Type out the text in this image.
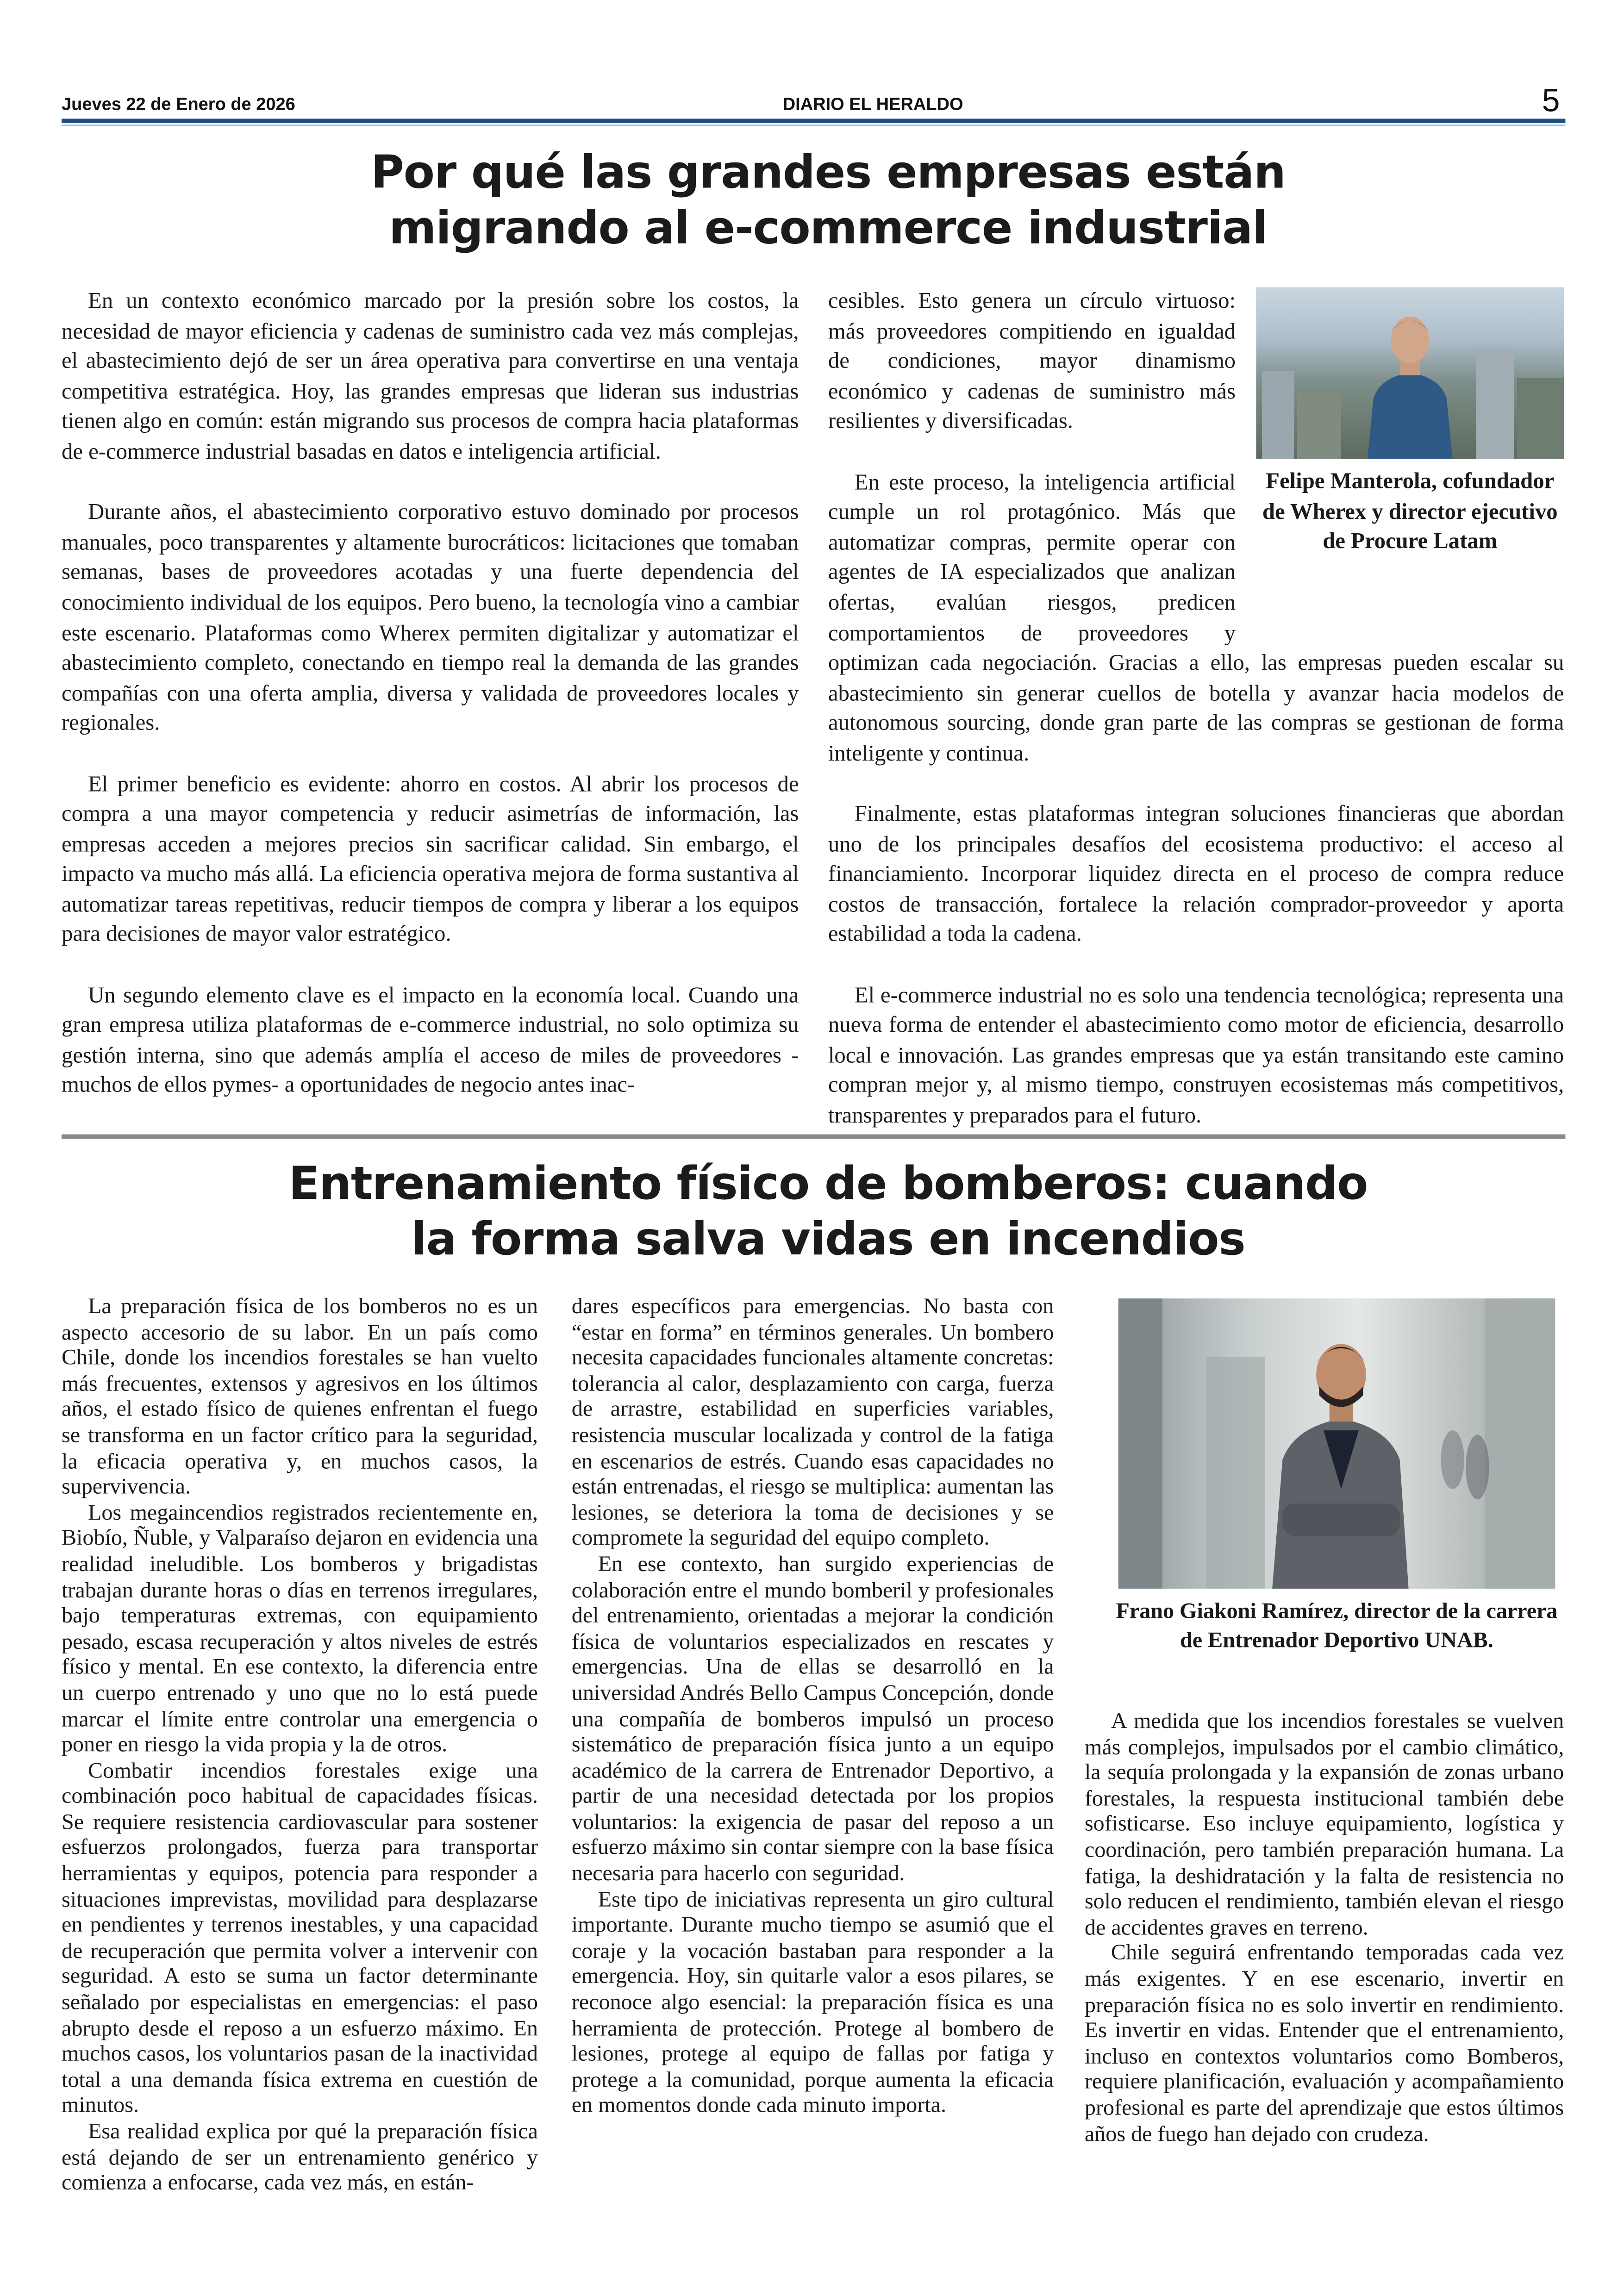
Jueves 22 de Enero de 2026	DIARIO EL HERALDO	5
Por qué las grandes empresas están
migrando al e-commerce industrial

En un contexto económico marcado por la presión sobre los costos, la necesidad de mayor eficiencia y cadenas de suministro cada vez más complejas, el abastecimiento dejó de ser un área operativa para convertirse en una ventaja competitiva estratégica. Hoy, las grandes empresas que lideran sus industrias tienen algo en común: están migrando sus procesos de compra hacia plataformas de e-commerce industrial basadas en datos e inteligencia artificial.

Durante años, el abastecimiento corporativo estuvo dominado por procesos manuales, poco transparentes y altamente burocráticos: licitaciones que tomaban semanas, bases de proveedores acotadas y una fuerte dependencia del conocimiento individual de los equipos. Pero bueno, la tecnología vino a cambiar este escenario. Plataformas como Wherex permiten digitalizar y automatizar el abastecimiento completo, conectando en tiempo real la demanda de las grandes compañías con una oferta amplia, diversa y validada de proveedores locales y regionales.

El primer beneficio es evidente: ahorro en costos. Al abrir los procesos de compra a una mayor competencia y reducir asimetrías de información, las empresas acceden a mejores precios sin sacrificar calidad. Sin embargo, el impacto va mucho más allá. La eficiencia operativa mejora de forma sustantiva al automatizar tareas repetitivas, reducir tiempos de compra y liberar a los equipos para decisiones de mayor valor estratégico.

Un segundo elemento clave es el impacto en la economía local. Cuando una gran empresa utiliza plataformas de e-commerce industrial, no solo optimiza su gestión interna, sino que además amplía el acceso de miles de proveedores -muchos de ellos pymes- a oportunidades de negocio antes inac-

Felipe Manterola, cofundador de Wherex y director ejecutivo de Procure Latam

cesibles. Esto genera un círculo virtuoso: más proveedores compitiendo en igualdad de condiciones, mayor dinamismo económico y cadenas de suministro más resilientes y diversificadas.

En este proceso, la inteligencia artificial cumple un rol protagónico. Más que automatizar compras, permite operar con agentes de IA especializados que analizan ofertas, evalúan riesgos, predicen comportamientos de proveedores y optimizan cada negociación. Gracias a ello, las empresas pueden escalar su abastecimiento sin generar cuellos de botella y avanzar hacia modelos de autonomous sourcing, donde gran parte de las compras se gestionan de forma inteligente y continua.

Finalmente, estas plataformas integran soluciones financieras que abordan uno de los principales desafíos del ecosistema productivo: el acceso al financiamiento. Incorporar liquidez directa en el proceso de compra reduce costos de transacción, fortalece la relación comprador-proveedor y aporta estabilidad a toda la cadena.

El e-commerce industrial no es solo una tendencia tecnológica; representa una nueva forma de entender el abastecimiento como motor de eficiencia, desarrollo local e innovación. Las grandes empresas que ya están transitando este camino compran mejor y, al mismo tiempo, construyen ecosistemas más competitivos, transparentes y preparados para el futuro.

Entrenamiento físico de bomberos: cuando
la forma salva vidas en incendios

La preparación física de los bomberos no es un aspecto accesorio de su labor. En un país como Chile, donde los incendios forestales se han vuelto más frecuentes, extensos y agresivos en los últimos años, el estado físico de quienes enfrentan el fuego se transforma en un factor crítico para la seguridad, la eficacia operativa y, en muchos casos, la supervivencia.

Los megaincendios registrados recientemente en, Biobío, Ñuble, y Valparaíso dejaron en evidencia una realidad ineludible. Los bomberos y brigadistas trabajan durante horas o días en terrenos irregulares, bajo temperaturas extremas, con equipamiento pesado, escasa recuperación y altos niveles de estrés físico y mental. En ese contexto, la diferencia entre un cuerpo entrenado y uno que no lo está puede marcar el límite entre controlar una emergencia o poner en riesgo la vida propia y la de otros.

Combatir incendios forestales exige una combinación poco habitual de capacidades físicas. Se requiere resistencia cardiovascular para sostener esfuerzos prolongados, fuerza para transportar herramientas y equipos, potencia para responder a situaciones imprevistas, movilidad para desplazarse en pendientes y terrenos inestables, y una capacidad de recuperación que permita volver a intervenir con seguridad. A esto se suma un factor determinante señalado por especialistas en emergencias: el paso abrupto desde el reposo a un esfuerzo máximo. En muchos casos, los voluntarios pasan de la inactividad total a una demanda física extrema en cuestión de minutos.

Esa realidad explica por qué la preparación física está dejando de ser un entrenamiento genérico y comienza a enfocarse, cada vez más, en están-

dares específicos para emergencias. No basta con “estar en forma” en términos generales. Un bombero necesita capacidades funcionales altamente concretas: tolerancia al calor, desplazamiento con carga, fuerza de arrastre, estabilidad en superficies variables, resistencia muscular localizada y control de la fatiga en escenarios de estrés. Cuando esas capacidades no están entrenadas, el riesgo se multiplica: aumentan las lesiones, se deteriora la toma de decisiones y se compromete la seguridad del equipo completo.

En ese contexto, han surgido experiencias de colaboración entre el mundo bomberil y profesionales del entrenamiento, orientadas a mejorar la condición física de voluntarios especializados en rescates y emergencias. Una de ellas se desarrolló en la universidad Andrés Bello Campus Concepción, donde una compañía de bomberos impulsó un proceso sistemático de preparación física junto a un equipo académico de la carrera de Entrenador Deportivo, a partir de una necesidad detectada por los propios voluntarios: la exigencia de pasar del reposo a un esfuerzo máximo sin contar siempre con la base física necesaria para hacerlo con seguridad.

Este tipo de iniciativas representa un giro cultural importante. Durante mucho tiempo se asumió que el coraje y la vocación bastaban para responder a la emergencia. Hoy, sin quitarle valor a esos pilares, se reconoce algo esencial: la preparación física es una herramienta de protección. Protege al bombero de lesiones, protege al equipo de fallas por fatiga y protege a la comunidad, porque aumenta la eficacia en momentos donde cada minuto importa.

Frano Giakoni Ramírez, director de la carrera de Entrenador Deportivo UNAB.

A medida que los incendios forestales se vuelven más complejos, impulsados por el cambio climático, la sequía prolongada y la expansión de zonas urbano forestales, la respuesta institucional también debe sofisticarse. Eso incluye equipamiento, logística y coordinación, pero también preparación humana. La fatiga, la deshidratación y la falta de resistencia no solo reducen el rendimiento, también elevan el riesgo de accidentes graves en terreno.

Chile seguirá enfrentando temporadas cada vez más exigentes. Y en ese escenario, invertir en preparación física no es solo invertir en rendimiento. Es invertir en vidas. Entender que el entrenamiento, incluso en contextos voluntarios como Bomberos, requiere planificación, evaluación y acompañamiento profesional es parte del aprendizaje que estos últimos años de fuego han dejado con crudeza.
